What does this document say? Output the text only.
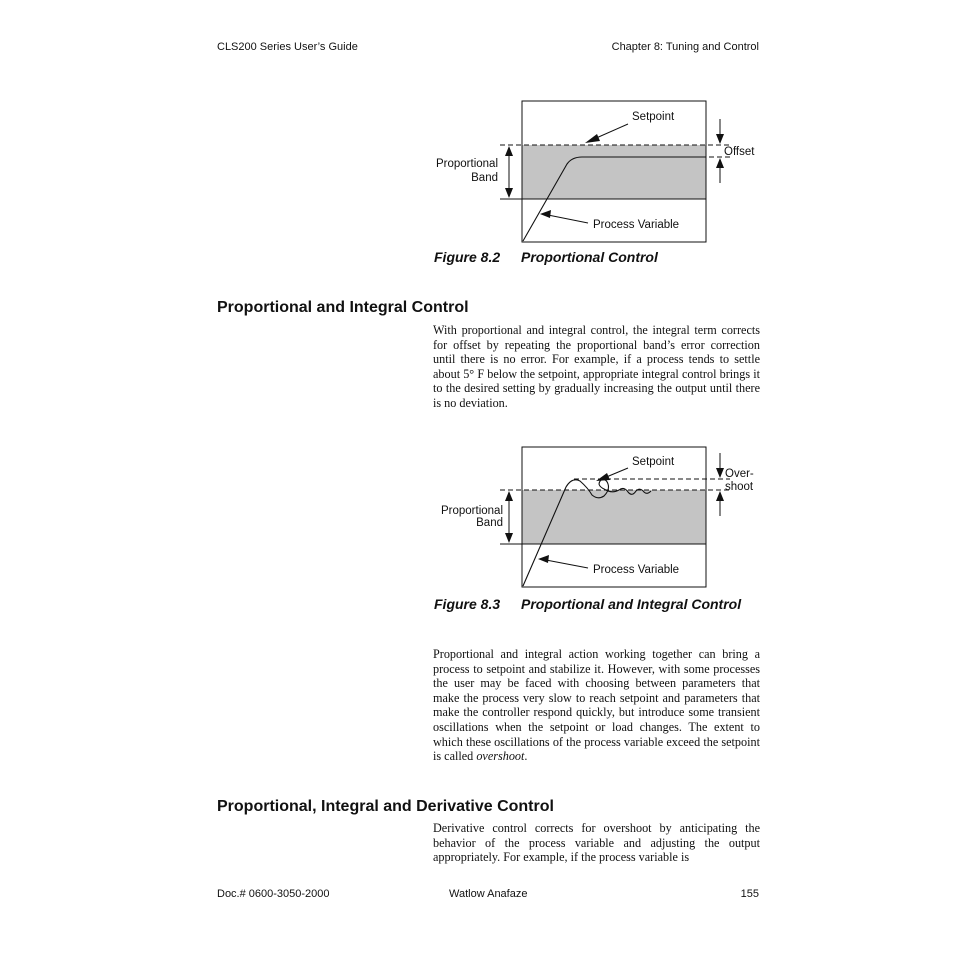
CLS200 Series User’s Guide	Chapter 8: Tuning and Control
Setpoint
Offset
Proportional
Band
Process Variable
Figure 8.2 Proportional Control
Proportional and Integral Control
With proportional and integral control, the integral term corrects for offset by repeating the proportional band’s error correction until there is no error. For example, if a process tends to settle about 5° F below the setpoint, appropriate integral control brings it to the desired setting by gradually increasing the output until there is no deviation.
Setpoint
Over-
shoot
Proportional
Band
Process Variable
Figure 8.3 Proportional and Integral Control
Proportional and integral action working together can bring a process to setpoint and stabilize it. However, with some processes the user may be faced with choosing between parameters that make the process very slow to reach setpoint and parameters that make the controller respond quickly, but introduce some transient oscillations when the setpoint or load changes. The extent to which these oscillations of the process variable exceed the setpoint is called overshoot.
Proportional, Integral and Derivative Control
Derivative control corrects for overshoot by anticipating the behavior of the process variable and adjusting the output appropriately. For example, if the process variable is
Doc.# 0600-3050-2000	Watlow Anafaze	155
